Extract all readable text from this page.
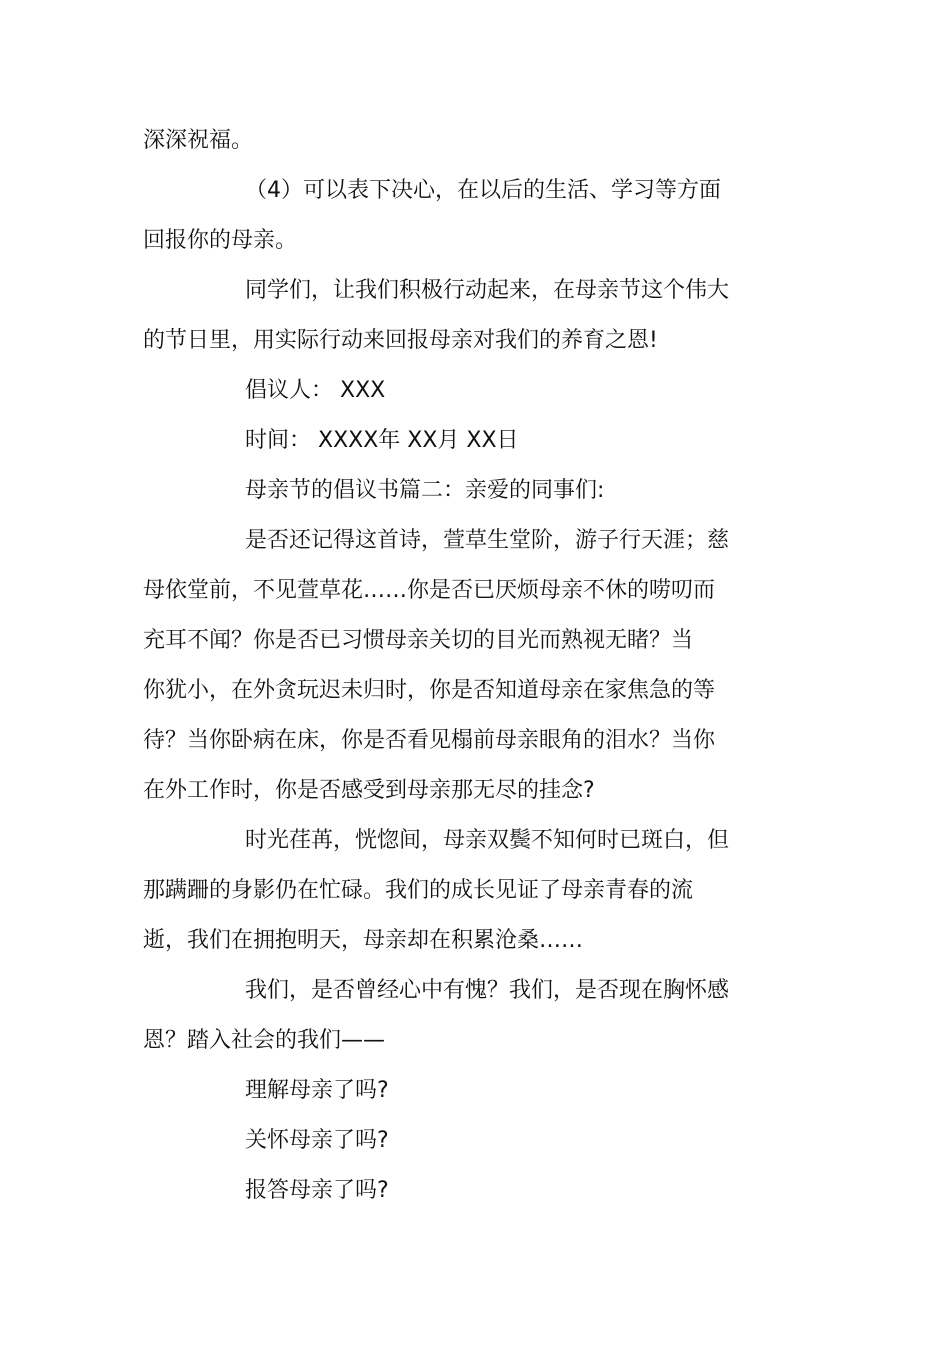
深深祝福。
（4）可以表下决心，在以后的生活、学习等方面
回报你的母亲。
同学们，让我们积极行动起来，在母亲节这个伟大
的节日里，用实际行动来回报母亲对我们的养育之恩!
倡议人： XXX
时间： XXXX年 XX月 XX日
母亲节的倡议书篇二：亲爱的同事们:
是否还记得这首诗，萱草生堂阶，游子行天涯；慈
母依堂前，不见萱草花……你是否已厌烦母亲不休的唠叨而
充耳不闻？你是否已习惯母亲关切的目光而熟视无睹？当
你犹小，在外贪玩迟未归时，你是否知道母亲在家焦急的等
待？当你卧病在床，你是否看见榻前母亲眼角的泪水？当你
在外工作时，你是否感受到母亲那无尽的挂念?
时光荏苒，恍惚间，母亲双鬓不知何时已斑白，但
那蹒跚的身影仍在忙碌。我们的成长见证了母亲青春的流
逝，我们在拥抱明天，母亲却在积累沧桑……
我们，是否曾经心中有愧？我们，是否现在胸怀感
恩？踏入社会的我们——
理解母亲了吗?
关怀母亲了吗?
报答母亲了吗?
